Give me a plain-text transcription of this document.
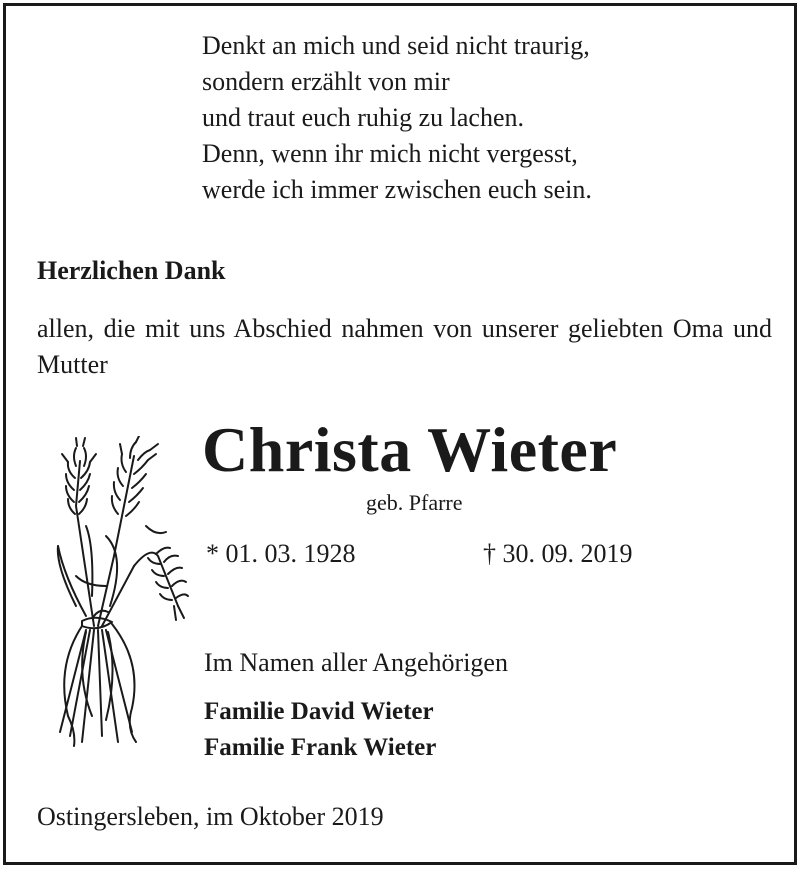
Denkt an mich und seid nicht traurig,
sondern erzählt von mir
und traut euch ruhig zu lachen.
Denn, wenn ihr mich nicht vergesst,
werde ich immer zwischen euch sein.
Herzlichen Dank
allen, die mit uns Abschied nahmen von unserer geliebten Oma und Mutter
Christa Wieter
geb. Pfarre
* 01. 03. 1928	† 30. 09. 2019
Im Namen aller Angehörigen
Familie David Wieter
Familie Frank Wieter
Ostingersleben, im Oktober 2019
